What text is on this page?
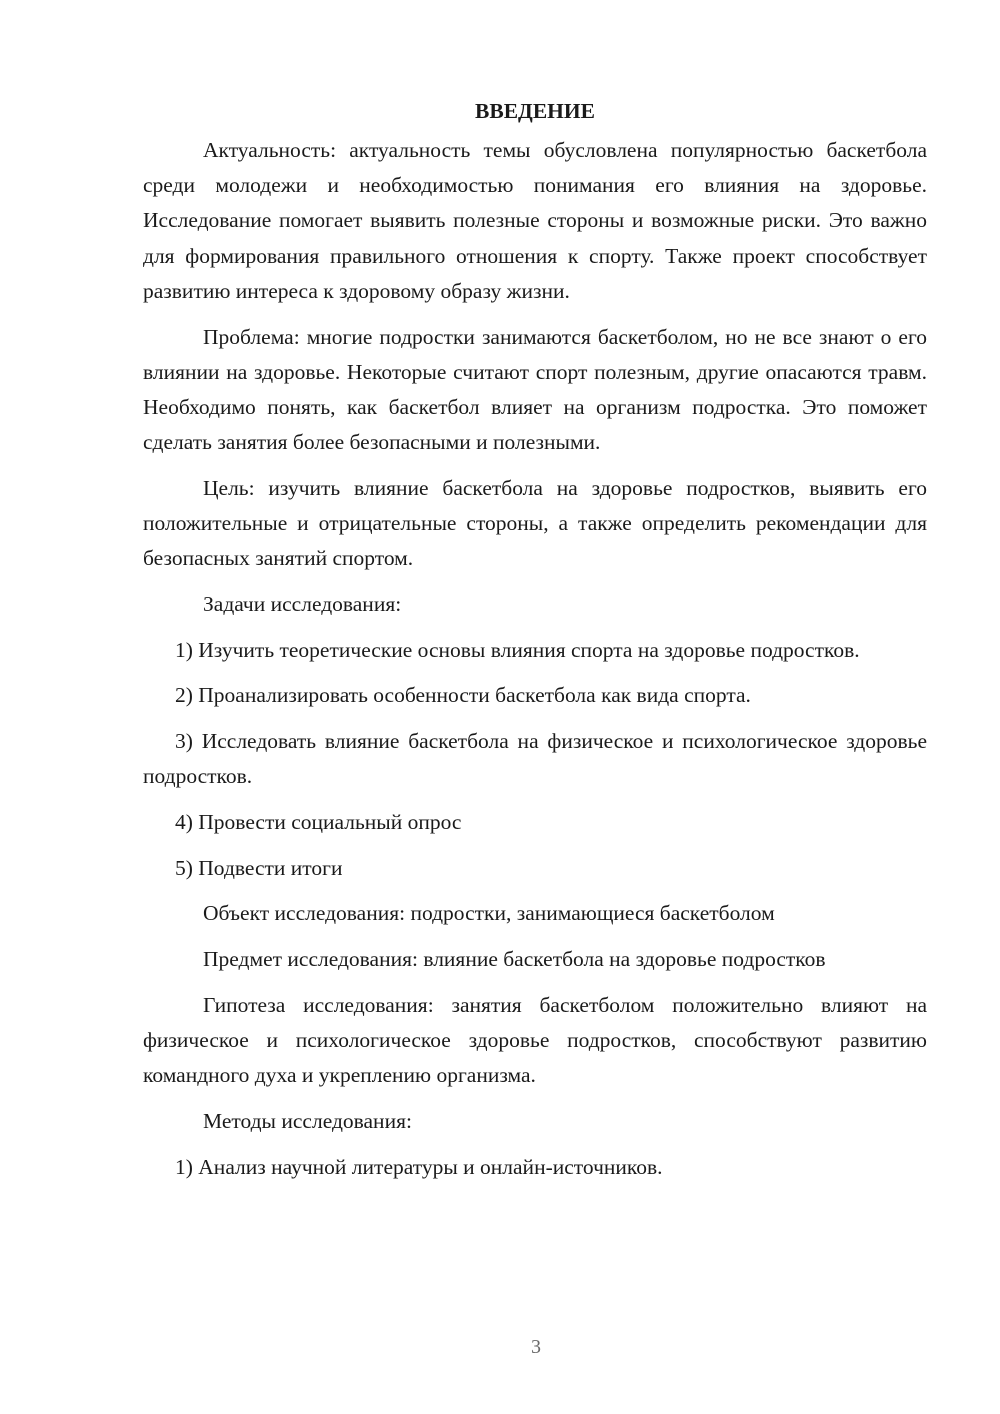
ВВЕДЕНИЕ

Актуальность: актуальность темы обусловлена популярностью баскетбола среди молодежи и необходимостью понимания его влияния на здоровье. Исследование помогает выявить полезные стороны и возможные риски. Это важно для формирования правильного отношения к спорту. Также проект способствует развитию интереса к здоровому образу жизни.

Проблема: многие подростки занимаются баскетболом, но не все знают о его влиянии на здоровье. Некоторые считают спорт полезным, другие опасаются травм. Необходимо понять, как баскетбол влияет на организм подростка. Это поможет сделать занятия более безопасными и полезными.

Цель: изучить влияние баскетбола на здоровье подростков, выявить его положительные и отрицательные стороны, а также определить рекомендации для безопасных занятий спортом.

Задачи исследования:

1) Изучить теоретические основы влияния спорта на здоровье подростков.

2) Проанализировать особенности баскетбола как вида спорта.

3) Исследовать влияние баскетбола на физическое и психологическое здоровье подростков.

4) Провести социальный опрос

5) Подвести итоги

Объект исследования: подростки, занимающиеся баскетболом

Предмет исследования: влияние баскетбола на здоровье подростков

Гипотеза исследования: занятия баскетболом положительно влияют на физическое и психологическое здоровье подростков, способствуют развитию командного духа и укреплению организма.

Методы исследования:

1) Анализ научной литературы и онлайн-источников.

3
